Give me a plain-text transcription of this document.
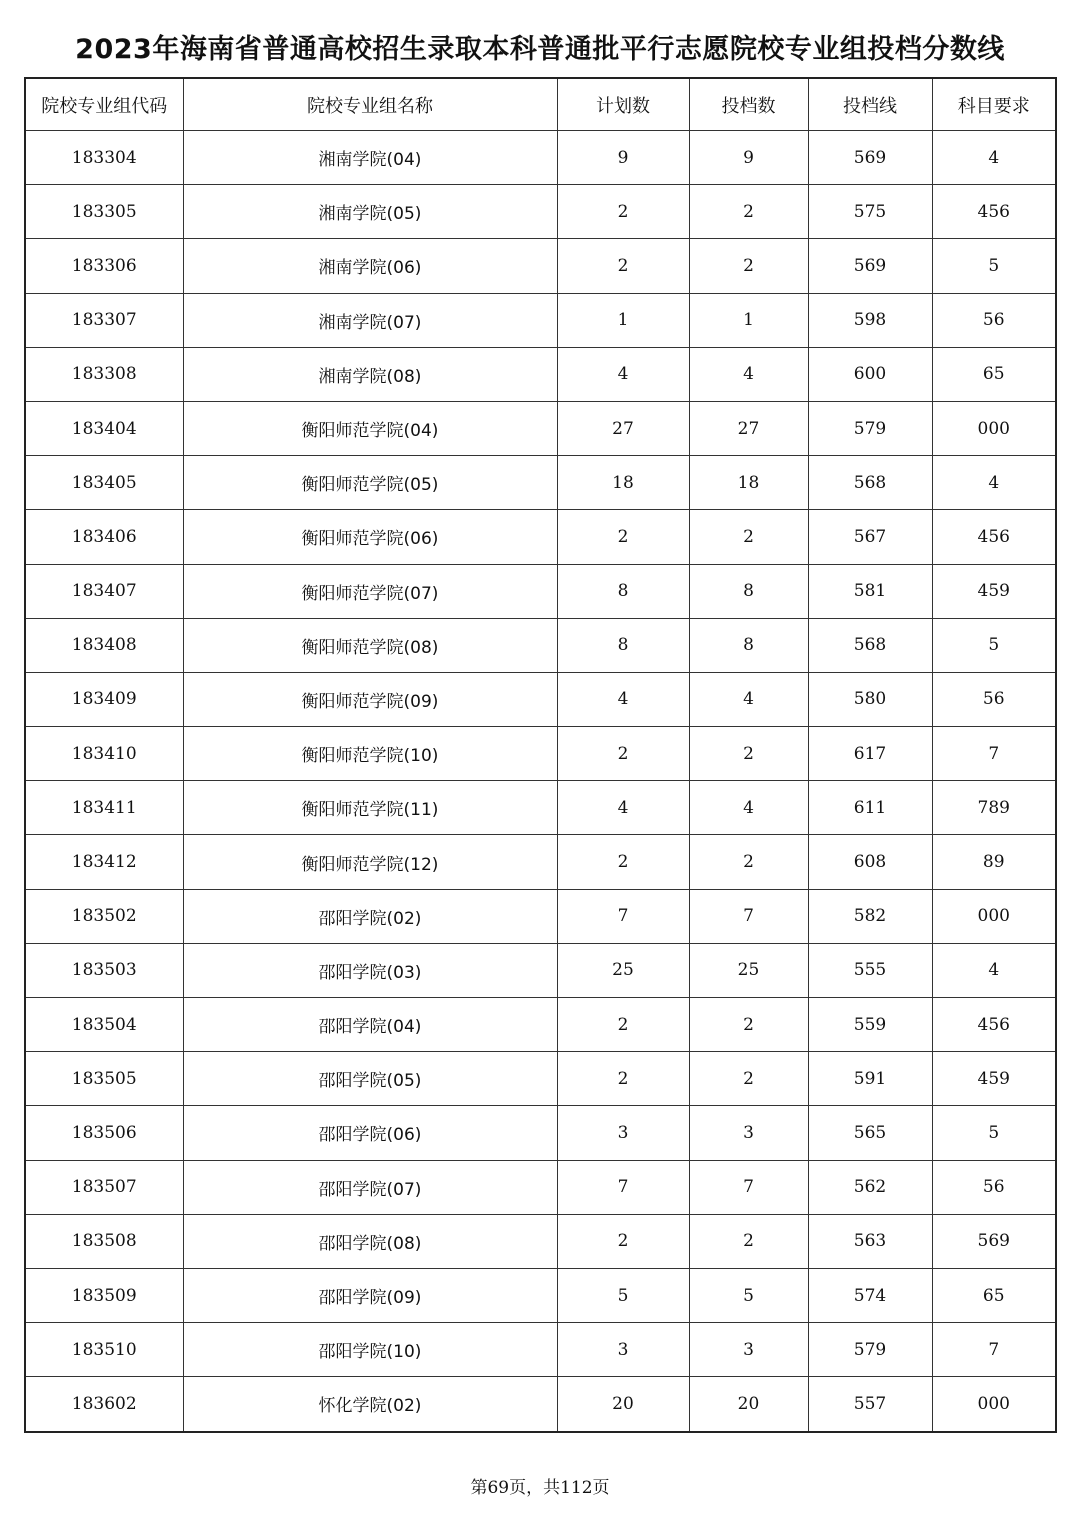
2023年海南省普通高校招生录取本科普通批平行志愿院校专业组投档分数线
院校专业组代码	院校专业组名称	计划数	投档数	投档线	科目要求
183304	湘南学院(04)	9	9	569	4
183305	湘南学院(05)	2	2	575	456
183306	湘南学院(06)	2	2	569	5
183307	湘南学院(07)	1	1	598	56
183308	湘南学院(08)	4	4	600	65
183404	衡阳师范学院(04)	27	27	579	000
183405	衡阳师范学院(05)	18	18	568	4
183406	衡阳师范学院(06)	2	2	567	456
183407	衡阳师范学院(07)	8	8	581	459
183408	衡阳师范学院(08)	8	8	568	5
183409	衡阳师范学院(09)	4	4	580	56
183410	衡阳师范学院(10)	2	2	617	7
183411	衡阳师范学院(11)	4	4	611	789
183412	衡阳师范学院(12)	2	2	608	89
183502	邵阳学院(02)	7	7	582	000
183503	邵阳学院(03)	25	25	555	4
183504	邵阳学院(04)	2	2	559	456
183505	邵阳学院(05)	2	2	591	459
183506	邵阳学院(06)	3	3	565	5
183507	邵阳学院(07)	7	7	562	56
183508	邵阳学院(08)	2	2	563	569
183509	邵阳学院(09)	5	5	574	65
183510	邵阳学院(10)	3	3	579	7
183602	怀化学院(02)	20	20	557	000
第69页，共112页
